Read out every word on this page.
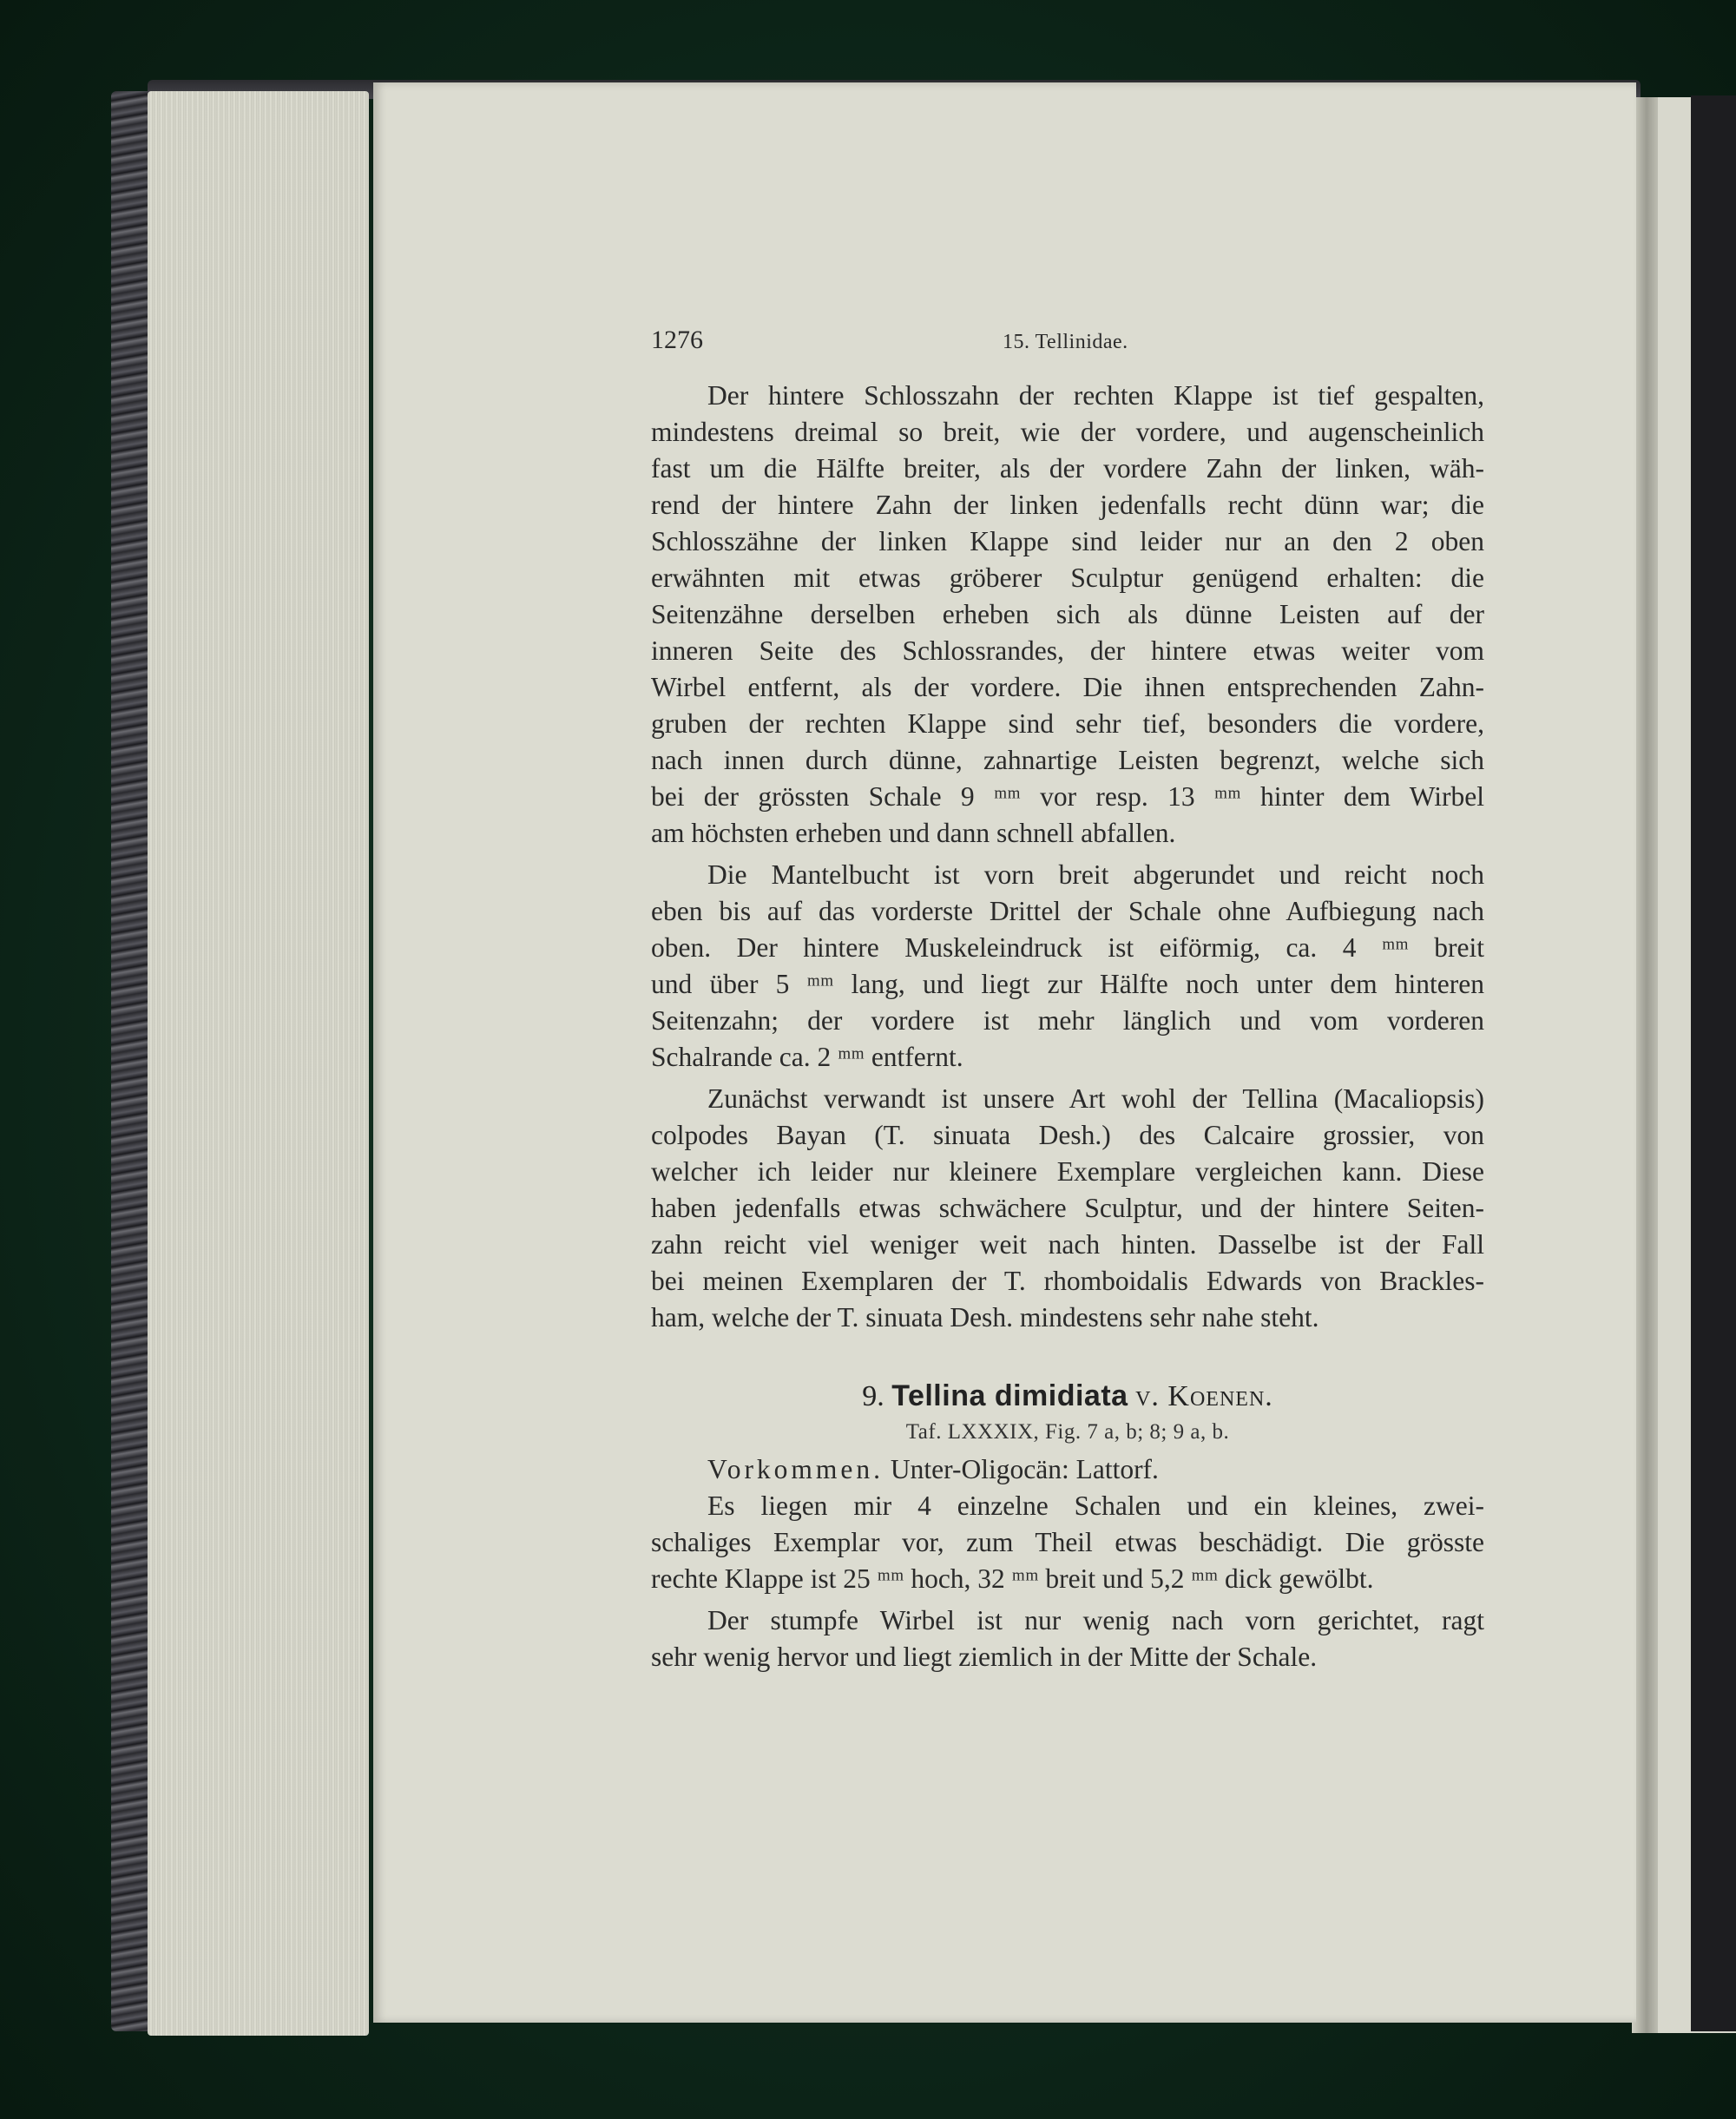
1276	15. Tellinidae.
Der hintere Schlosszahn der rechten Klappe ist tief gespalten,
mindestens dreimal so breit, wie der vordere, und augenscheinlich
fast um die Hälfte breiter, als der vordere Zahn der linken, wäh-
rend der hintere Zahn der linken jedenfalls recht dünn war; die
Schlosszähne der linken Klappe sind leider nur an den 2 oben
erwähnten mit etwas gröberer Sculptur genügend erhalten: die
Seitenzähne derselben erheben sich als dünne Leisten auf der
inneren Seite des Schlossrandes, der hintere etwas weiter vom
Wirbel entfernt, als der vordere. Die ihnen entsprechenden Zahn-
gruben der rechten Klappe sind sehr tief, besonders die vordere,
nach innen durch dünne, zahnartige Leisten begrenzt, welche sich
bei der grössten Schale 9 ᵐᵐ vor resp. 13 ᵐᵐ hinter dem Wirbel
am höchsten erheben und dann schnell abfallen.
Die Mantelbucht ist vorn breit abgerundet und reicht noch
eben bis auf das vorderste Drittel der Schale ohne Aufbiegung nach
oben. Der hintere Muskeleindruck ist eiförmig, ca. 4 ᵐᵐ breit
und über 5 ᵐᵐ lang, und liegt zur Hälfte noch unter dem hinteren
Seitenzahn; der vordere ist mehr länglich und vom vorderen
Schalrande ca. 2 ᵐᵐ entfernt.
Zunächst verwandt ist unsere Art wohl der Tellina (Macaliopsis)
colpodes Bayan (T. sinuata Desh.) des Calcaire grossier, von
welcher ich leider nur kleinere Exemplare vergleichen kann. Diese
haben jedenfalls etwas schwächere Sculptur, und der hintere Seiten-
zahn reicht viel weniger weit nach hinten. Dasselbe ist der Fall
bei meinen Exemplaren der T. rhomboidalis Edwards von Brackles-
ham, welche der T. sinuata Desh. mindestens sehr nahe steht.
9. Tellina dimidiata v. Koenen.
Taf. LXXXIX, Fig. 7 a, b; 8; 9 a, b.
Vorkommen. Unter-Oligocän: Lattorf.
Es liegen mir 4 einzelne Schalen und ein kleines, zwei-
schaliges Exemplar vor, zum Theil etwas beschädigt. Die grösste
rechte Klappe ist 25 ᵐᵐ hoch, 32 ᵐᵐ breit und 5,2 ᵐᵐ dick gewölbt.
Der stumpfe Wirbel ist nur wenig nach vorn gerichtet, ragt
sehr wenig hervor und liegt ziemlich in der Mitte der Schale.
